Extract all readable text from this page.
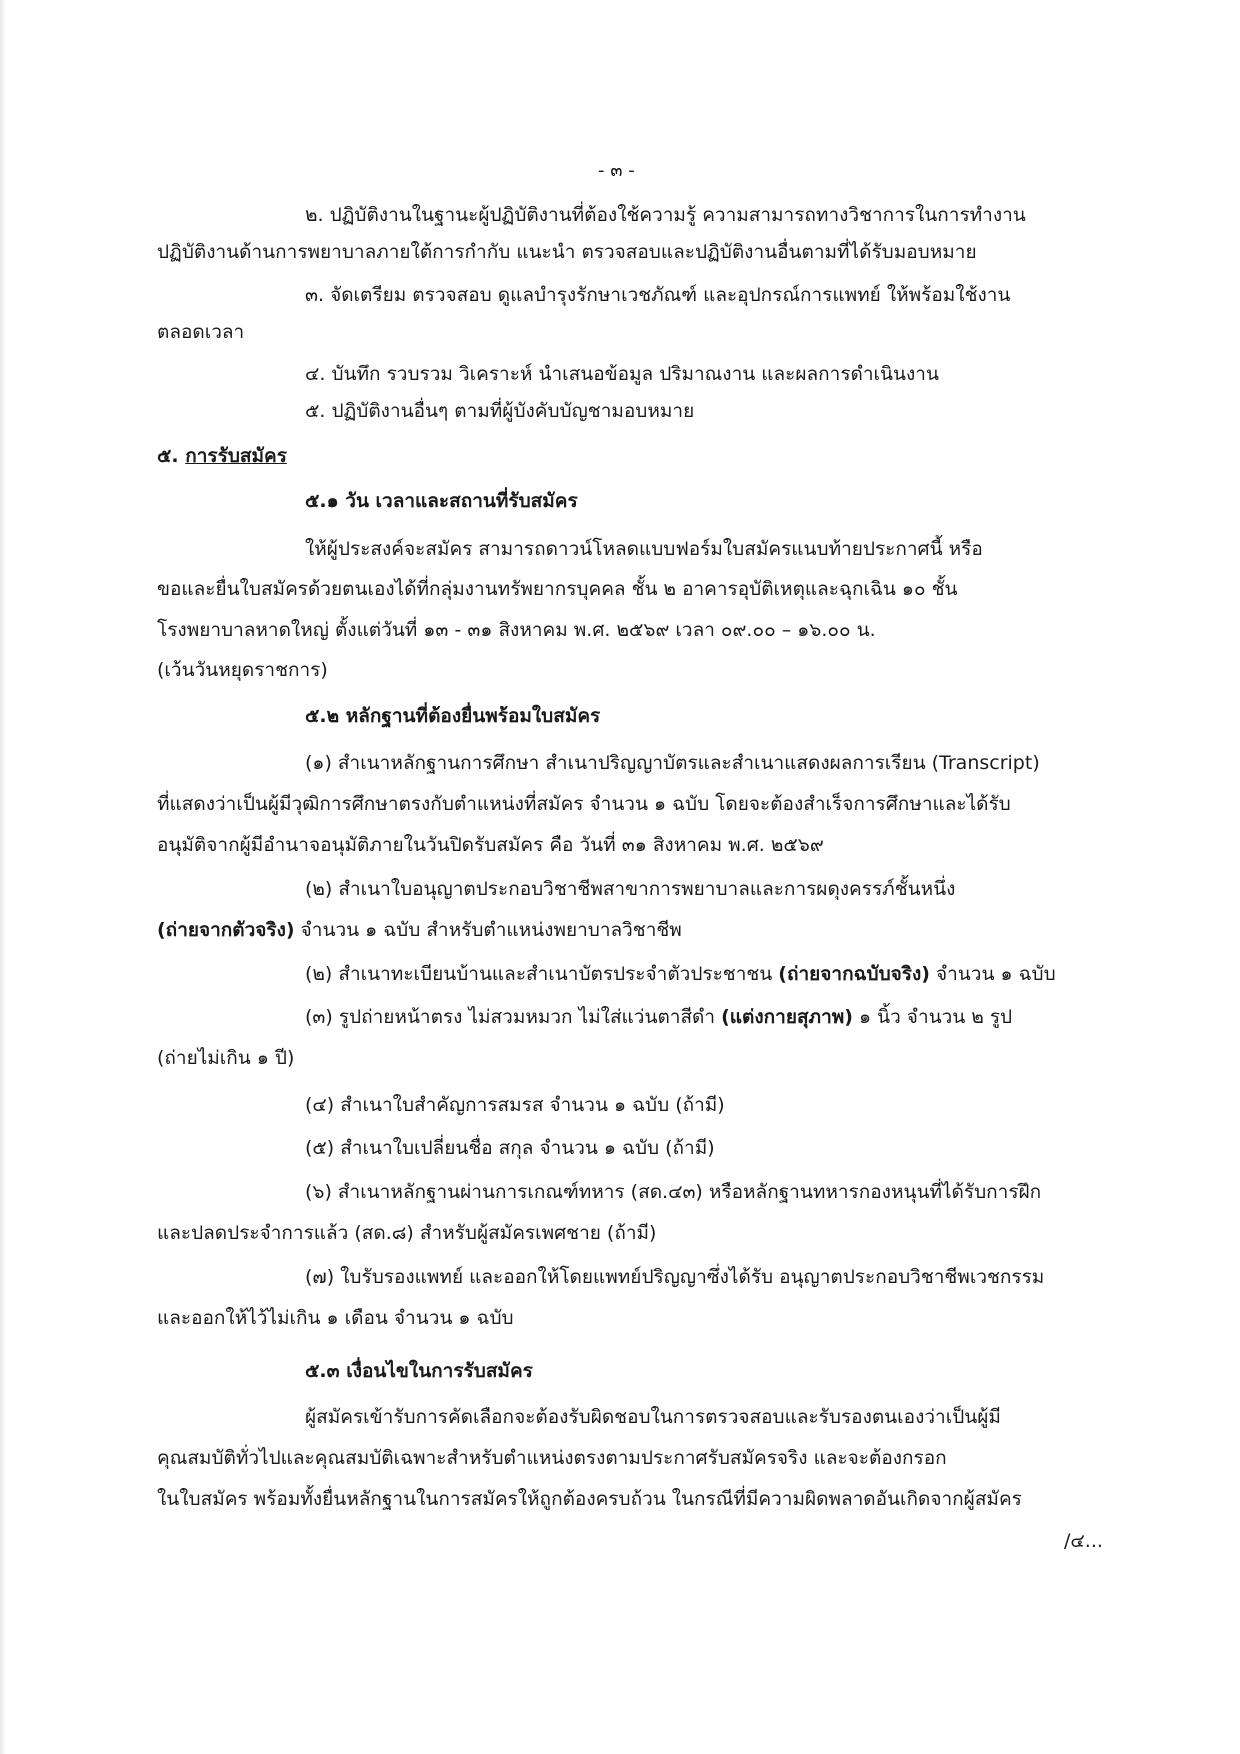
- ๓ -
๒. ปฏิบัติงานในฐานะผู้ปฏิบัติงานที่ต้องใช้ความรู้ ความสามารถทางวิชาการในการทำงาน
ปฏิบัติงานด้านการพยาบาลภายใต้การกำกับ แนะนำ ตรวจสอบและปฏิบัติงานอื่นตามที่ได้รับมอบหมาย
๓. จัดเตรียม ตรวจสอบ ดูแลบำรุงรักษาเวชภัณฑ์ และอุปกรณ์การแพทย์ ให้พร้อมใช้งาน
ตลอดเวลา
๔. บันทึก รวบรวม วิเคราะห์ นำเสนอข้อมูล ปริมาณงาน และผลการดำเนินงาน
๕. ปฏิบัติงานอื่นๆ ตามที่ผู้บังคับบัญชามอบหมาย
๕. การรับสมัคร
๕.๑ วัน เวลาและสถานที่รับสมัคร
ให้ผู้ประสงค์จะสมัคร สามารถดาวน์โหลดแบบฟอร์มใบสมัครแนบท้ายประกาศนี้ หรือ
ขอและยื่นใบสมัครด้วยตนเองได้ที่กลุ่มงานทรัพยากรบุคคล ชั้น ๒ อาคารอุบัติเหตุและฉุกเฉิน ๑๐ ชั้น
โรงพยาบาลหาดใหญ่ ตั้งแต่วันที่ ๑๓ - ๓๑ สิงหาคม พ.ศ. ๒๕๖๙ เวลา ๐๙.๐๐ – ๑๖.๐๐ น.
(เว้นวันหยุดราชการ)
๕.๒ หลักฐานที่ต้องยื่นพร้อมใบสมัคร
(๑) สำเนาหลักฐานการศึกษา สำเนาปริญญาบัตรและสำเนาแสดงผลการเรียน (Transcript)
ที่แสดงว่าเป็นผู้มีวุฒิการศึกษาตรงกับตำแหน่งที่สมัคร จำนวน ๑ ฉบับ โดยจะต้องสำเร็จการศึกษาและได้รับ
อนุมัติจากผู้มีอำนาจอนุมัติภายในวันปิดรับสมัคร คือ วันที่ ๓๑ สิงหาคม พ.ศ. ๒๕๖๙
(๒) สำเนาใบอนุญาตประกอบวิชาชีพสาขาการพยาบาลและการผดุงครรภ์ชั้นหนึ่ง
(ถ่ายจากตัวจริง) จำนวน ๑ ฉบับ สำหรับตำแหน่งพยาบาลวิชาชีพ
(๒) สำเนาทะเบียนบ้านและสำเนาบัตรประจำตัวประชาชน (ถ่ายจากฉบับจริง) จำนวน ๑ ฉบับ
(๓) รูปถ่ายหน้าตรง ไม่สวมหมวก ไม่ใส่แว่นตาสีดำ (แต่งกายสุภาพ) ๑ นิ้ว จำนวน ๒ รูป
(ถ่ายไม่เกิน ๑ ปี)
(๔) สำเนาใบสำคัญการสมรส จำนวน ๑ ฉบับ (ถ้ามี)
(๕) สำเนาใบเปลี่ยนชื่อ สกุล จำนวน ๑ ฉบับ (ถ้ามี)
(๖) สำเนาหลักฐานผ่านการเกณฑ์ทหาร (สด.๔๓) หรือหลักฐานทหารกองหนุนที่ได้รับการฝึก
และปลดประจำการแล้ว (สด.๘) สำหรับผู้สมัครเพศชาย (ถ้ามี)
(๗) ใบรับรองแพทย์ และออกให้โดยแพทย์ปริญญาซึ่งได้รับ อนุญาตประกอบวิชาชีพเวชกรรม
และออกให้ไว้ไม่เกิน ๑ เดือน จำนวน ๑ ฉบับ
๕.๓ เงื่อนไขในการรับสมัคร
ผู้สมัครเข้ารับการคัดเลือกจะต้องรับผิดชอบในการตรวจสอบและรับรองตนเองว่าเป็นผู้มี
คุณสมบัติทั่วไปและคุณสมบัติเฉพาะสำหรับตำแหน่งตรงตามประกาศรับสมัครจริง และจะต้องกรอก
ในใบสมัคร พร้อมทั้งยื่นหลักฐานในการสมัครให้ถูกต้องครบถ้วน ในกรณีที่มีความผิดพลาดอันเกิดจากผู้สมัคร
/๔...
